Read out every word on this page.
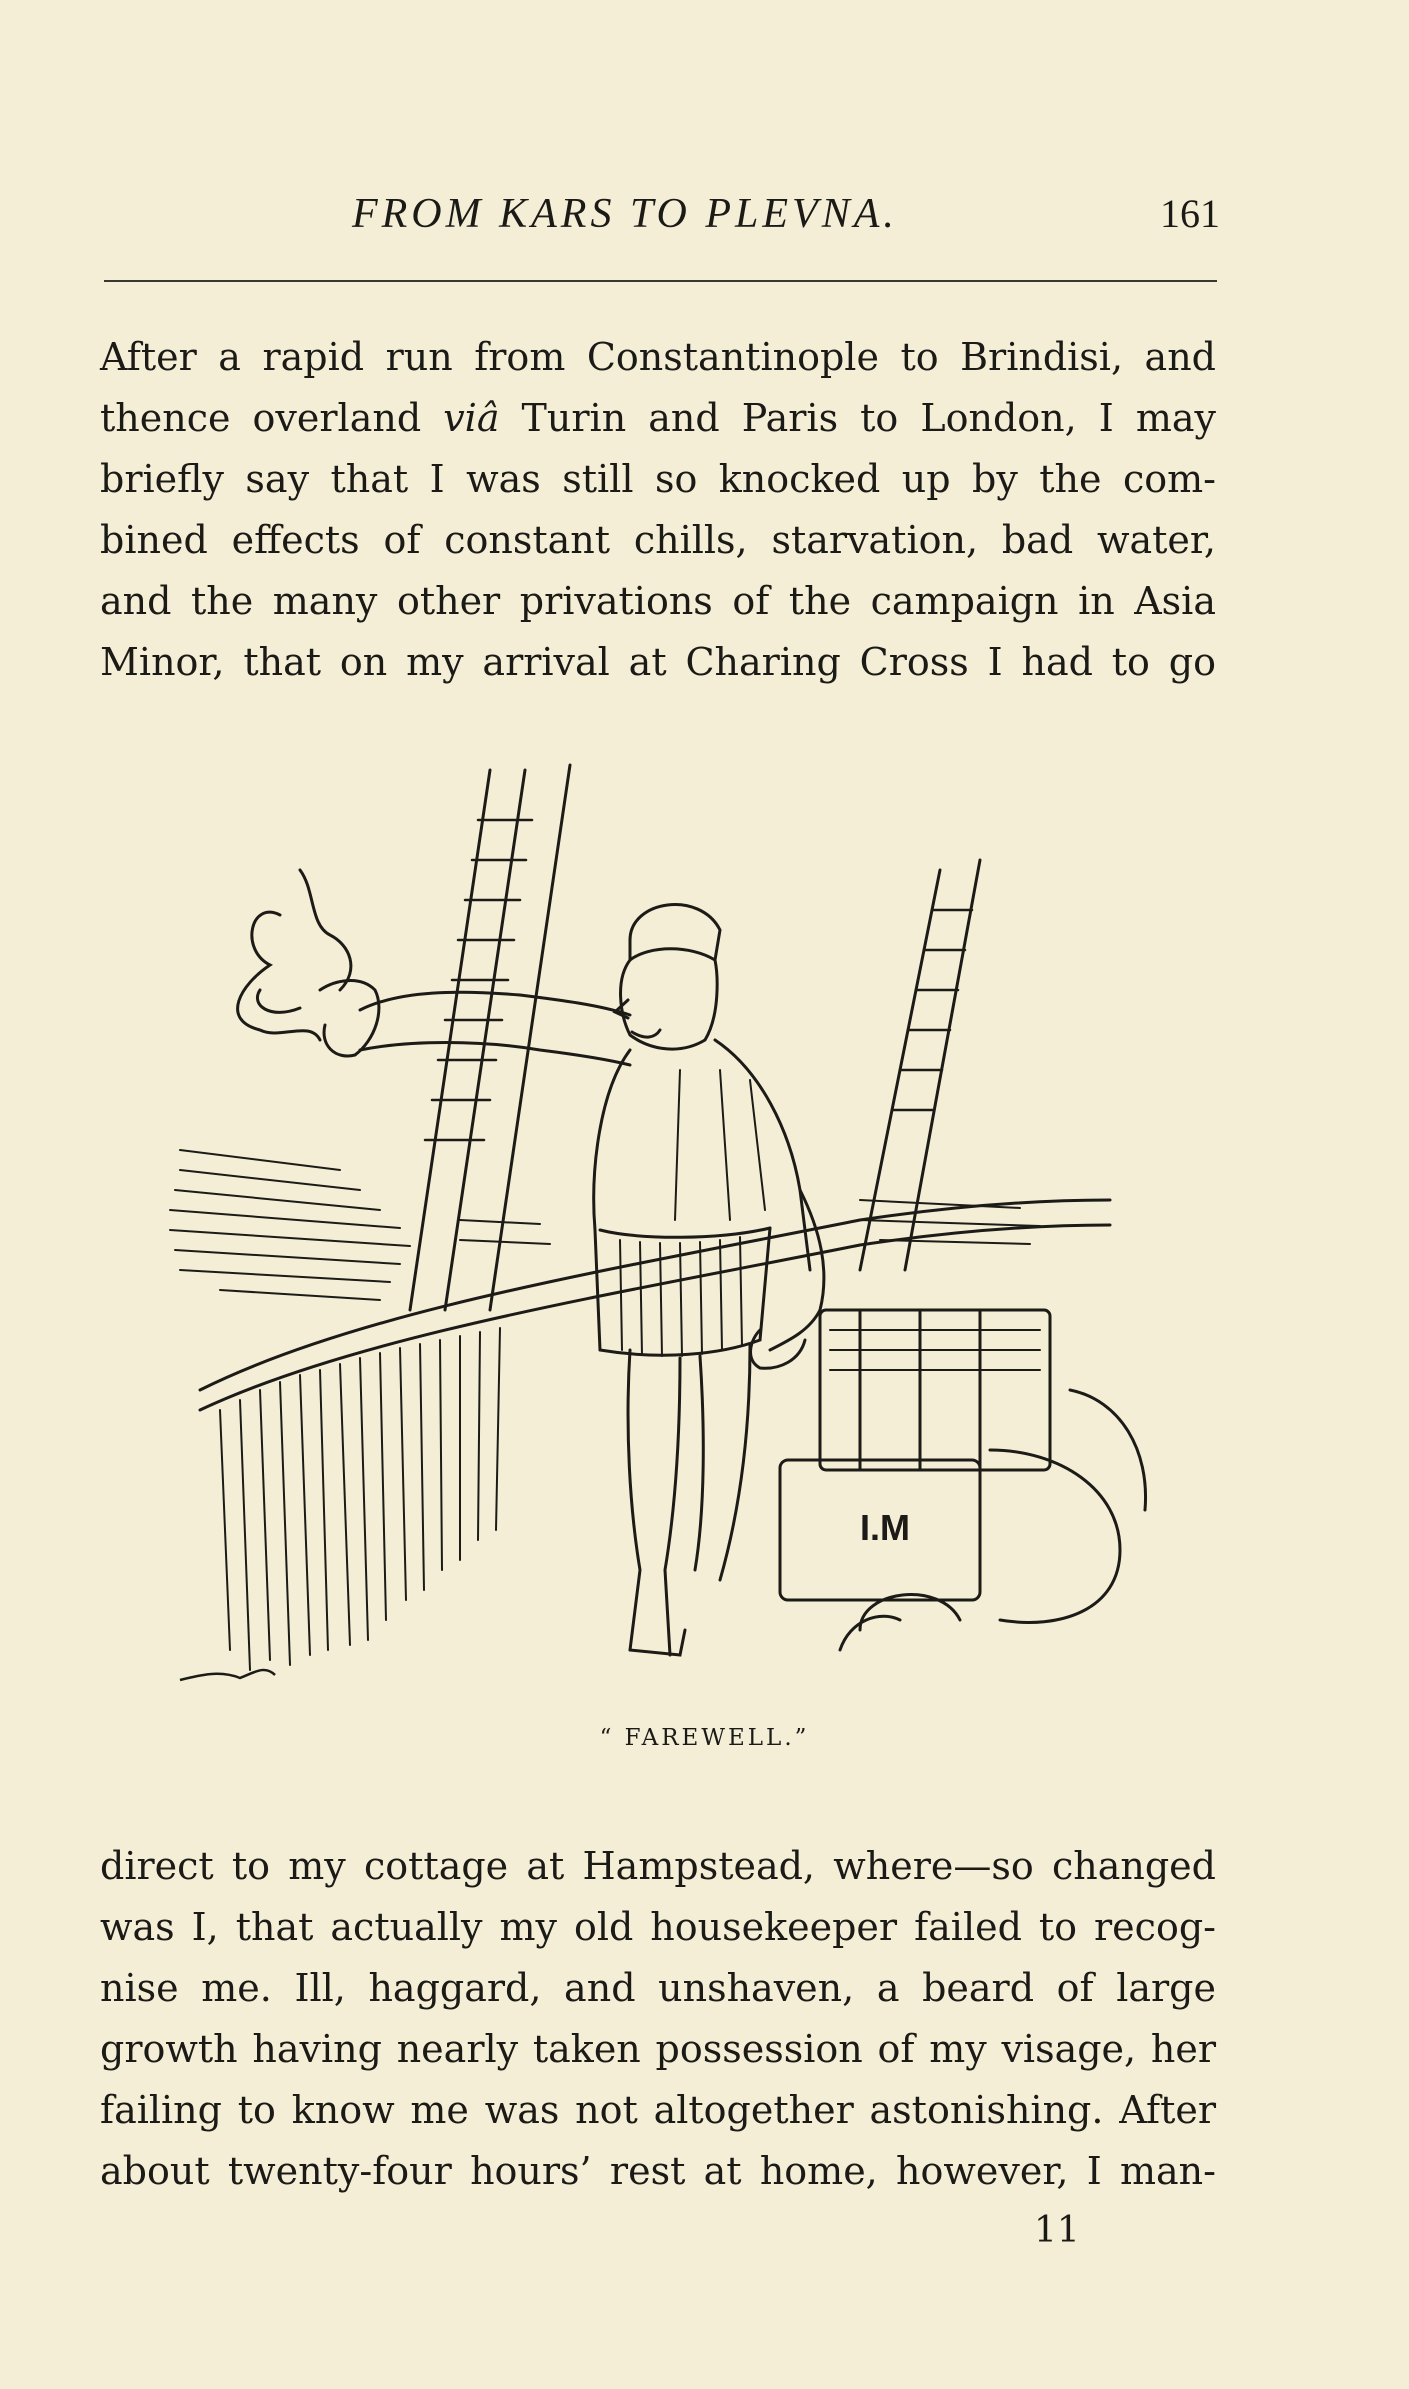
FROM KARS TO PLEVNA.	161
After a rapid run from Constantinople to Brindisi, and
thence overland viâ Turin and Paris to London, I may
briefly say that I was still so knocked up by the com-
bined effects of constant chills, starvation, bad water,
and the many other privations of the campaign in Asia
Minor, that on my arrival at Charing Cross I had to go
I.M
“ FAREWELL.”
direct to my cottage at Hampstead, where—so changed
was I, that actually my old housekeeper failed to recog-
nise me. Ill, haggard, and unshaven, a beard of large
growth having nearly taken possession of my visage, her
failing to know me was not altogether astonishing. After
about twenty-four hours’ rest at home, however, I man-
11
